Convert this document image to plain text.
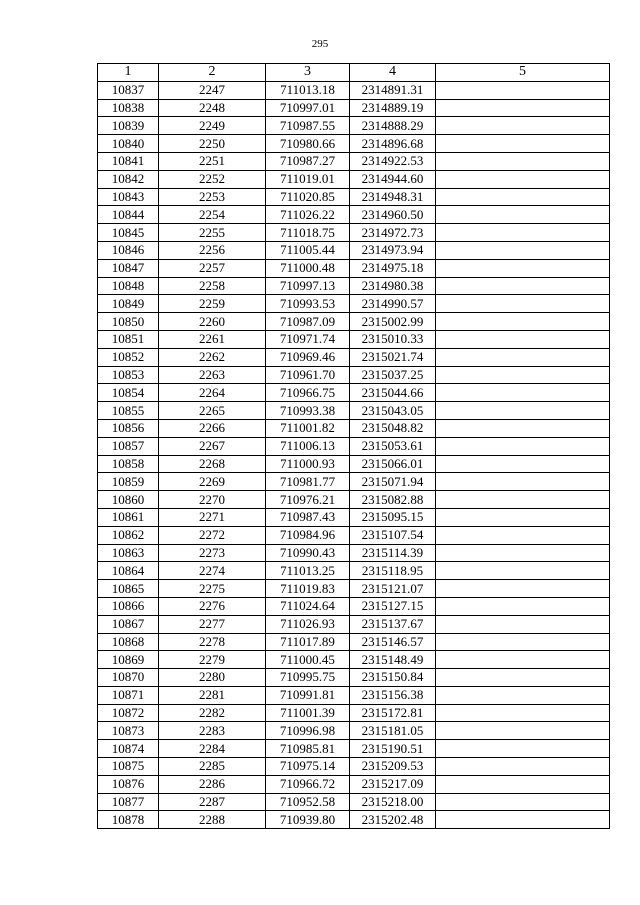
295
1	2	3	4	5
10837	2247	711013.18	2314891.31	
10838	2248	710997.01	2314889.19	
10839	2249	710987.55	2314888.29	
10840	2250	710980.66	2314896.68	
10841	2251	710987.27	2314922.53	
10842	2252	711019.01	2314944.60	
10843	2253	711020.85	2314948.31	
10844	2254	711026.22	2314960.50	
10845	2255	711018.75	2314972.73	
10846	2256	711005.44	2314973.94	
10847	2257	711000.48	2314975.18	
10848	2258	710997.13	2314980.38	
10849	2259	710993.53	2314990.57	
10850	2260	710987.09	2315002.99	
10851	2261	710971.74	2315010.33	
10852	2262	710969.46	2315021.74	
10853	2263	710961.70	2315037.25	
10854	2264	710966.75	2315044.66	
10855	2265	710993.38	2315043.05	
10856	2266	711001.82	2315048.82	
10857	2267	711006.13	2315053.61	
10858	2268	711000.93	2315066.01	
10859	2269	710981.77	2315071.94	
10860	2270	710976.21	2315082.88	
10861	2271	710987.43	2315095.15	
10862	2272	710984.96	2315107.54	
10863	2273	710990.43	2315114.39	
10864	2274	711013.25	2315118.95	
10865	2275	711019.83	2315121.07	
10866	2276	711024.64	2315127.15	
10867	2277	711026.93	2315137.67	
10868	2278	711017.89	2315146.57	
10869	2279	711000.45	2315148.49	
10870	2280	710995.75	2315150.84	
10871	2281	710991.81	2315156.38	
10872	2282	711001.39	2315172.81	
10873	2283	710996.98	2315181.05	
10874	2284	710985.81	2315190.51	
10875	2285	710975.14	2315209.53	
10876	2286	710966.72	2315217.09	
10877	2287	710952.58	2315218.00	
10878	2288	710939.80	2315202.48	
